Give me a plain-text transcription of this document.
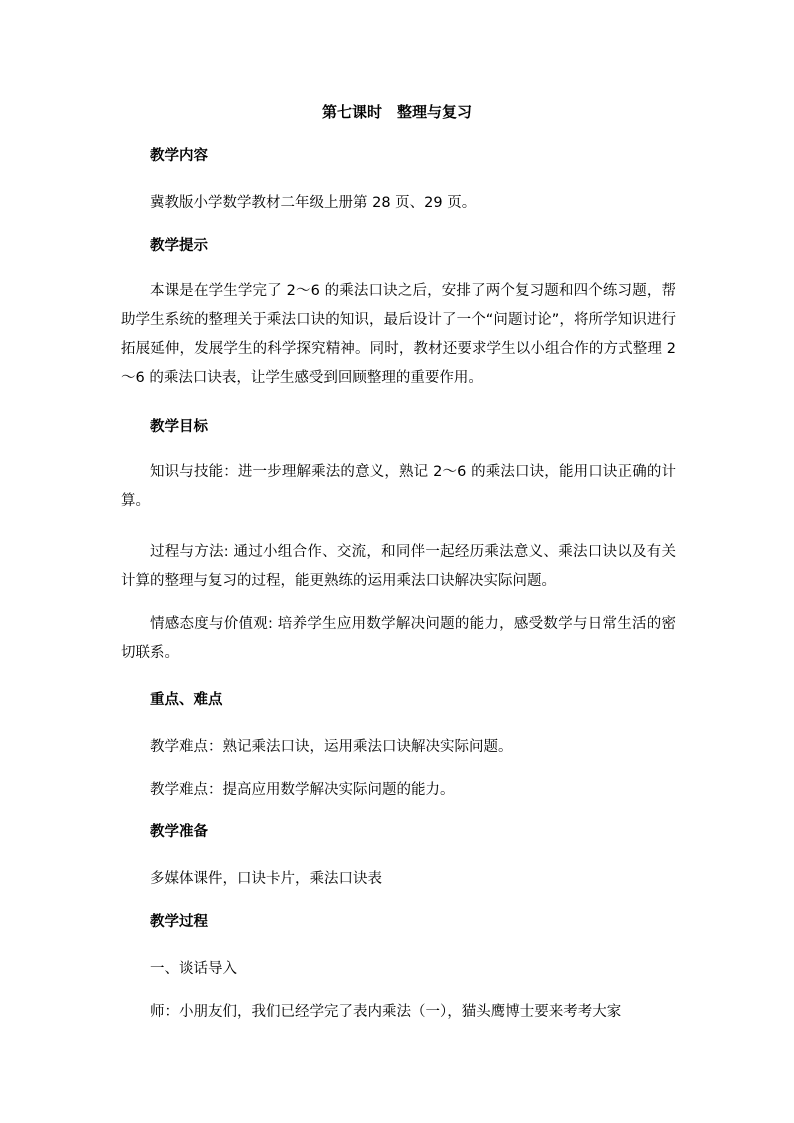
第七课时　整理与复习

教学内容

冀教版小学数学教材二年级上册第 28 页、29 页。

教学提示

本课是在学生学完了 2～6 的乘法口诀之后，安排了两个复习题和四个练习题，帮助学生系统的整理关于乘法口诀的知识，最后设计了一个“问题讨论”，将所学知识进行拓展延伸，发展学生的科学探究精神。同时，教材还要求学生以小组合作的方式整理 2～6 的乘法口诀表，让学生感受到回顾整理的重要作用。

教学目标

知识与技能：进一步理解乘法的意义，熟记 2～6 的乘法口诀，能用口诀正确的计算。

过程与方法: 通过小组合作、交流，和同伴一起经历乘法意义、乘法口诀以及有关计算的整理与复习的过程，能更熟练的运用乘法口诀解决实际问题。

情感态度与价值观: 培养学生应用数学解决问题的能力，感受数学与日常生活的密切联系。

重点、难点

教学难点：熟记乘法口诀，运用乘法口诀解决实际问题。

教学难点：提高应用数学解决实际问题的能力。

教学准备

多媒体课件，口诀卡片，乘法口诀表

教学过程

一、谈话导入

师：小朋友们，我们已经学完了表内乘法（一），猫头鹰博士要来考考大家
